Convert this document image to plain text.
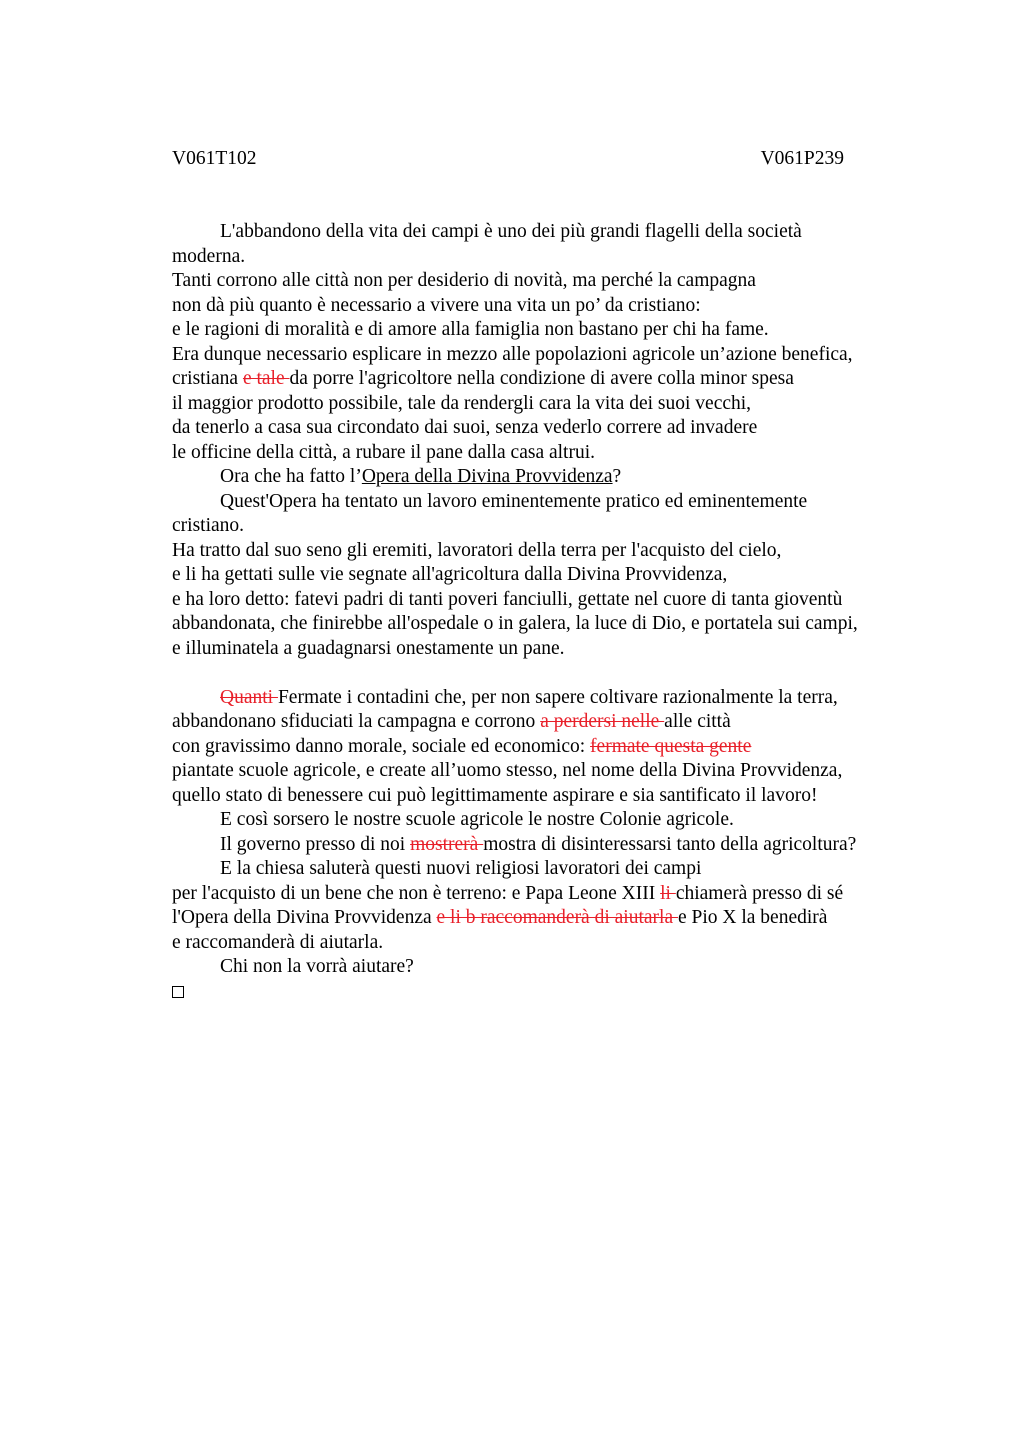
V061T102	V061P239
L'abbandono della vita dei campi è uno dei più grandi flagelli della società
moderna.
Tanti corrono alle città non per desiderio di novità, ma perché la campagna
non dà più quanto è necessario a vivere una vita un po’ da cristiano:
e le ragioni di moralità e di amore alla famiglia non bastano per chi ha fame.
Era dunque necessario esplicare in mezzo alle popolazioni agricole un’azione benefica,
cristiana e tale da porre l'agricoltore nella condizione di avere colla minor spesa
il maggior prodotto possibile, tale da rendergli cara la vita dei suoi vecchi,
da tenerlo a casa sua circondato dai suoi, senza vederlo correre ad invadere
le officine della città, a rubare il pane dalla casa altrui.
Ora che ha fatto l’Opera della Divina Provvidenza?
Quest'Opera ha tentato un lavoro eminentemente pratico ed eminentemente
cristiano.
Ha tratto dal suo seno gli eremiti, lavoratori della terra per l'acquisto del cielo,
e li ha gettati sulle vie segnate all'agricoltura dalla Divina Provvidenza,
e ha loro detto: fatevi padri di tanti poveri fanciulli, gettate nel cuore di tanta gioventù
abbandonata, che finirebbe all'ospedale o in galera, la luce di Dio, e portatela sui campi,
e illuminatela a guadagnarsi onestamente un pane.
Quanti Fermate i contadini che, per non sapere coltivare razionalmente la terra,
abbandonano sfiduciati la campagna e corrono a perdersi nelle alle città
con gravissimo danno morale, sociale ed economico: fermate questa gente
piantate scuole agricole, e create all’uomo stesso, nel nome della Divina Provvidenza,
quello stato di benessere cui può legittimamente aspirare e sia santificato il lavoro!
E così sorsero le nostre scuole agricole le nostre Colonie agricole.
Il governo presso di noi mostrerà mostra di disinteressarsi tanto della agricoltura?
E la chiesa saluterà questi nuovi religiosi lavoratori dei campi
per l'acquisto di un bene che non è terreno: e Papa Leone XIII li chiamerà presso di sé
l'Opera della Divina Provvidenza e li b raccomanderà di aiutarla e Pio X la benedirà
e raccomanderà di aiutarla.
Chi non la vorrà aiutare?
